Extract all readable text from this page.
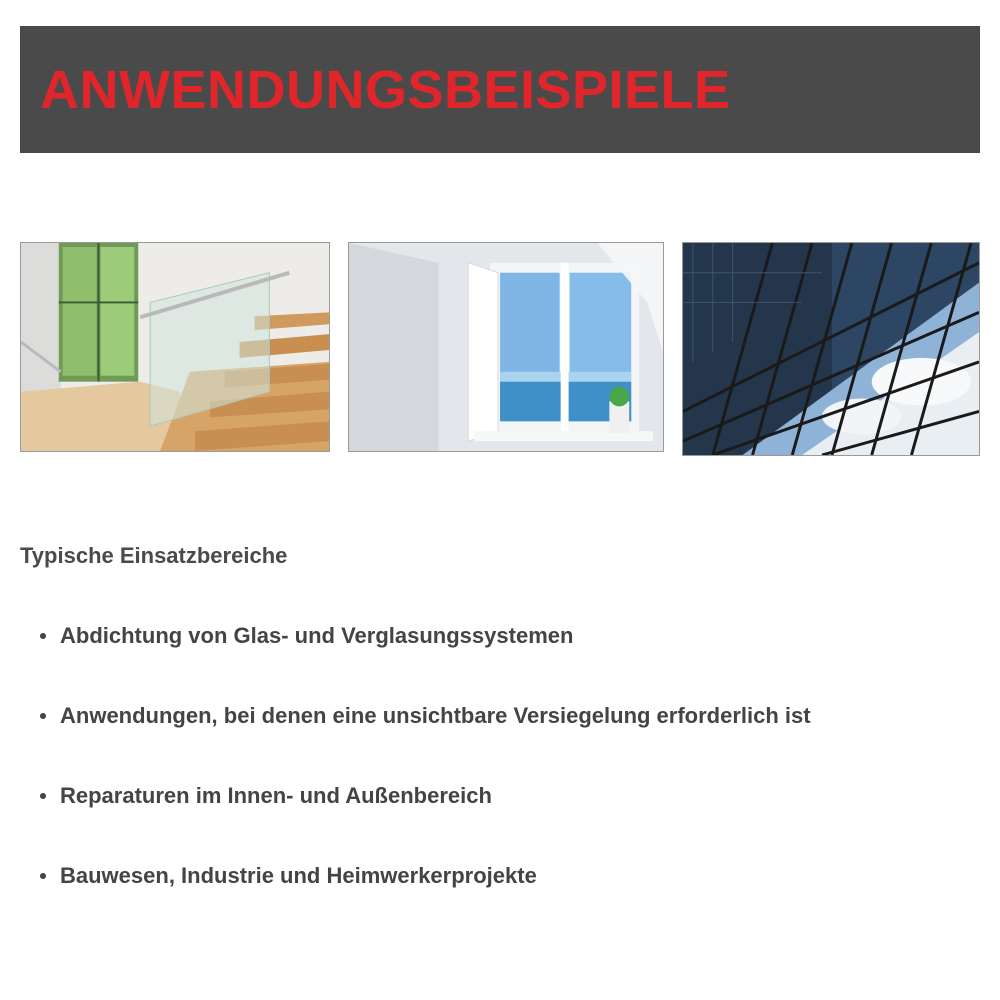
ANWENDUNGSBEISPIELE
Typische Einsatzbereiche
Abdichtung von Glas- und Verglasungssystemen
Anwendungen, bei denen eine unsichtbare Versiegelung erforderlich ist
Reparaturen im Innen- und Außenbereich
Bauwesen, Industrie und Heimwerkerprojekte
